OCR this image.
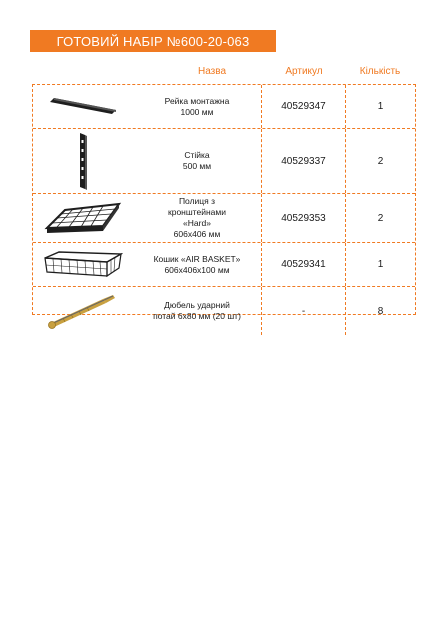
ГОТОВИЙ НАБІР №600-20-063
Назва	Артикул	Кількість
Рейка монтажна
1000 мм	40529347	1
Стійка
500 мм	40529337	2
Полиця з
кронштейнами
«Hard»
606х406 мм
40529353	2
Кошик «AIR BASKET»
606х406х100 мм	40529341	1
Дюбель ударний
потай 6х80 мм (20 шт)	-	8
